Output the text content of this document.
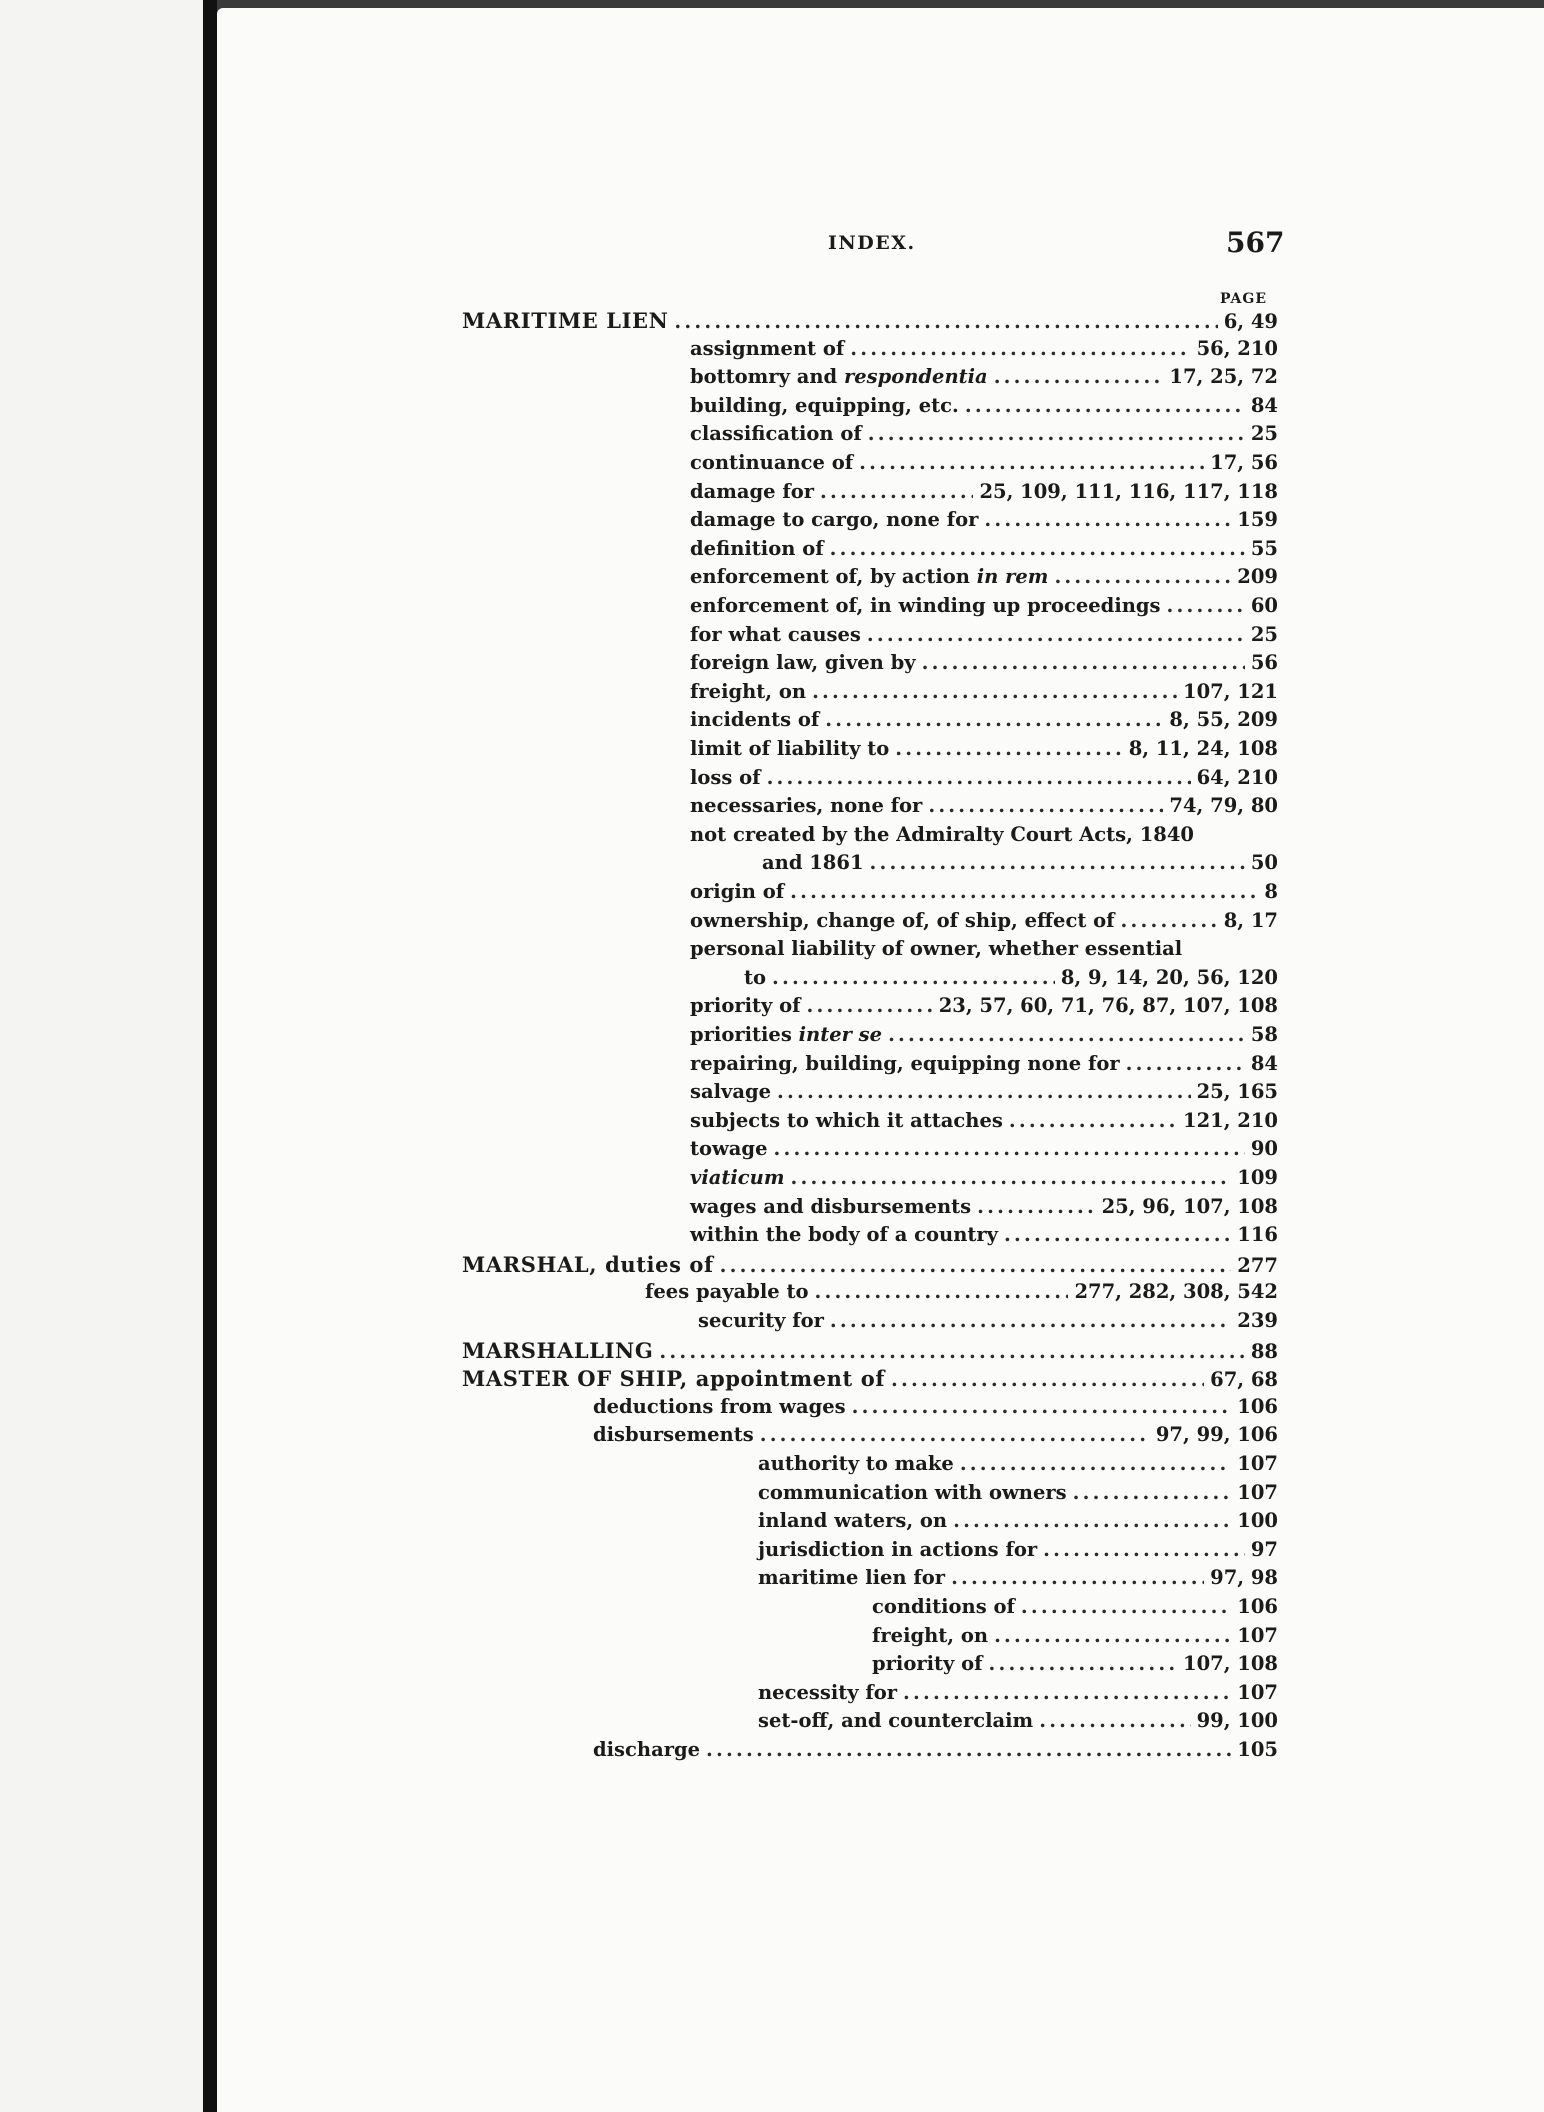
INDEX.	567
PAGE
MARITIME LIEN .....	6, 49
assignment of .....	56, 210
bottomry and respondentia .....	17, 25, 72
building, equipping, etc. .....	84
classification of .....	25
continuance of .....	17, 56
damage for .....	25, 109, 111, 116, 117, 118
damage to cargo, none for .....	159
definition of .....	55
enforcement of, by action in rem .....	209
enforcement of, in winding up proceedings .....	60
for what causes .....	25
foreign law, given by .....	56
freight, on .....	107, 121
incidents of .....	8, 55, 209
limit of liability to .....	8, 11, 24, 108
loss of .....	64, 210
necessaries, none for .....	74, 79, 80
not created by the Admiralty Court Acts, 1840
and 1861 .....	50
origin of .....	8
ownership, change of, of ship, effect of .....	8, 17
personal liability of owner, whether essential
to .....	8, 9, 14, 20, 56, 120
priority of .....	23, 57, 60, 71, 76, 87, 107, 108
priorities inter se .....	58
repairing, building, equipping none for .....	84
salvage .....	25, 165
subjects to which it attaches .....	121, 210
towage .....	90
viaticum .....	109
wages and disbursements .....	25, 96, 107, 108
within the body of a country .....	116
MARSHAL, duties of .....	277
fees payable to .....	277, 282, 308, 542
security for .....	239
MARSHALLING .....	88
MASTER OF SHIP, appointment of .....	67, 68
deductions from wages .....	106
disbursements .....	97, 99, 106
authority to make .....	107
communication with owners .....	107
inland waters, on .....	100
jurisdiction in actions for .....	97
maritime lien for .....	97, 98
conditions of .....	106
freight, on .....	107
priority of .....	107, 108
necessity for .....	107
set-off, and counterclaim .....	99, 100
discharge .....	105
